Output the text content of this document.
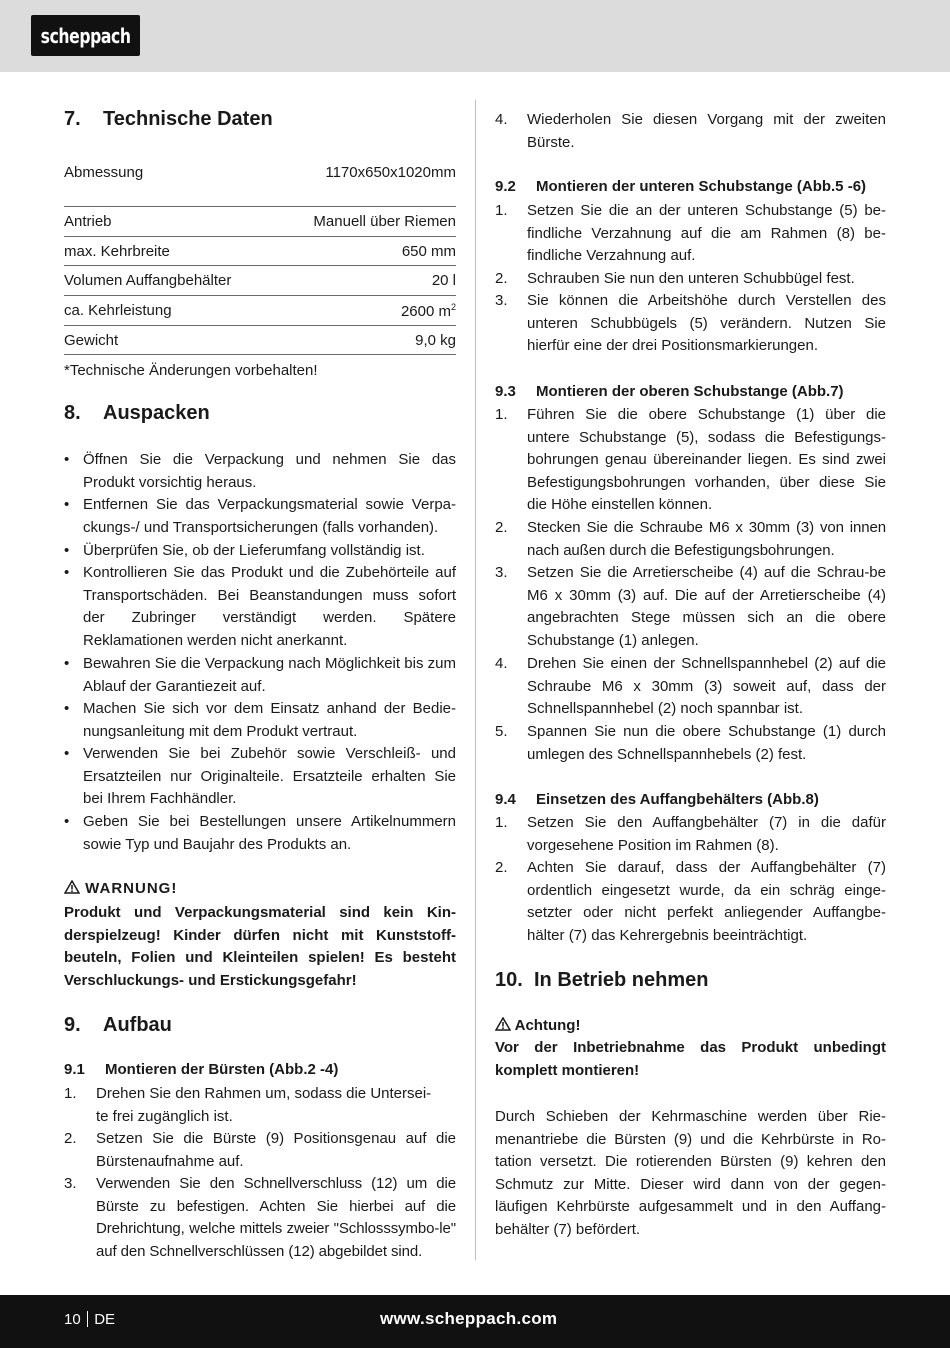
scheppach
7. Technische Daten
Abmessung	1170x650x1020mm
Antrieb	Manuell über Riemen
max. Kehrbreite	650 mm
Volumen Auffangbehälter	20 l
ca. Kehrleistung	2600 $m^2$
Gewicht	9,0 kg
*Technische Änderungen vorbehalten!
8. Auspacken
• Öffnen Sie die Verpackung und nehmen Sie das Produkt vorsichtig heraus.
• Entfernen Sie das Verpackungsmaterial sowie Verpa-ckungs-/ und Transportsicherungen (falls vorhanden).
• Überprüfen Sie, ob der Lieferumfang vollständig ist.
• Kontrollieren Sie das Produkt und die Zubehörteile auf Transportschäden. Bei Beanstandungen muss sofort der Zubringer verständigt werden. Spätere Reklamationen werden nicht anerkannt.
• Bewahren Sie die Verpackung nach Möglichkeit bis zum Ablauf der Garantiezeit auf.
• Machen Sie sich vor dem Einsatz anhand der Bedie-nungsanleitung mit dem Produkt vertraut.
• Verwenden Sie bei Zubehör sowie Verschleiß- und Ersatzteilen nur Originalteile. Ersatzteile erhalten Sie bei Ihrem Fachhändler.
• Geben Sie bei Bestellungen unsere Artikelnummern sowie Typ und Baujahr des Produkts an.
WARNUNG!

Produkt und Verpackungsmaterial sind kein Kin-derspielzeug! Kinder dürfen nicht mit Kunststoff-beuteln, Folien und Kleinteilen spielen! Es besteht Verschluckungs- und Erstickungsgefahr!

9. Aufbau
9.1 Montieren der Bürsten (Abb.2 -4)
1. Drehen Sie den Rahmen um, sodass die Untersei-
te frei zugänglich ist.
2. Setzen Sie die Bürste (9) Positionsgenau auf die Bürstenaufnahme auf.
3. Verwenden Sie den Schnellverschluss (12) um die Bürste zu befestigen. Achten Sie hierbei auf die Drehrichtung, welche mittels zweier "Schlosssymbo-le" auf den Schnellverschlüssen (12) abgebildet sind.
4. Wiederholen Sie diesen Vorgang mit der zweiten Bürste.
9.2 Montieren der unteren Schubstange (Abb.5 -6)
1. Setzen Sie die an der unteren Schubstange (5) be-findliche Verzahnung auf die am Rahmen (8) be-findliche Verzahnung auf.
2. Schrauben Sie nun den unteren Schubbügel fest.
3. Sie können die Arbeitshöhe durch Verstellen des unteren Schubbügels (5) verändern. Nutzen Sie hierfür eine der drei Positionsmarkierungen.
9.3 Montieren der oberen Schubstange (Abb.7)
1. Führen Sie die obere Schubstange (1) über die untere Schubstange (5), sodass die Befestigungs-bohrungen genau übereinander liegen. Es sind zwei Befestigungsbohrungen vorhanden, über diese Sie die Höhe einstellen können.
2. Stecken Sie die Schraube M6 x 30mm (3) von innen nach außen durch die Befestigungsbohrungen.
3. Setzen Sie die Arretierscheibe (4) auf die Schrau-be M6 x 30mm (3) auf. Die auf der Arretierscheibe (4) angebrachten Stege müssen sich an die obere Schubstange (1) anlegen.
4. Drehen Sie einen der Schnellspannhebel (2) auf die Schraube M6 x 30mm (3) soweit auf, dass der Schnellspannhebel (2) noch spannbar ist.
5. Spannen Sie nun die obere Schubstange (1) durch umlegen des Schnellspannhebels (2) fest.
9.4 Einsetzen des Auffangbehälters (Abb.8)
1. Setzen Sie den Auffangbehälter (7) in die dafür vorgesehene Position im Rahmen (8).
2. Achten Sie darauf, dass der Auffangbehälter (7) ordentlich eingesetzt wurde, da ein schräg einge-setzter oder nicht perfekt anliegender Auffangbe-hälter (7) das Kehrergebnis beeinträchtigt.
10. In Betrieb nehmen
Achtung!

Vor der Inbetriebnahme das Produkt unbedingt komplett montieren!

Durch Schieben der Kehrmaschine werden über Rie-menantriebe die Bürsten (9) und die Kehrbürste in Ro-tation versetzt. Die rotierenden Bürsten (9) kehren den Schmutz zur Mitte. Dieser wird dann von der gegen-läufigen Kehrbürste aufgesammelt und in den Auffang-behälter (7) befördert.

10 DE	www.scheppach.com
